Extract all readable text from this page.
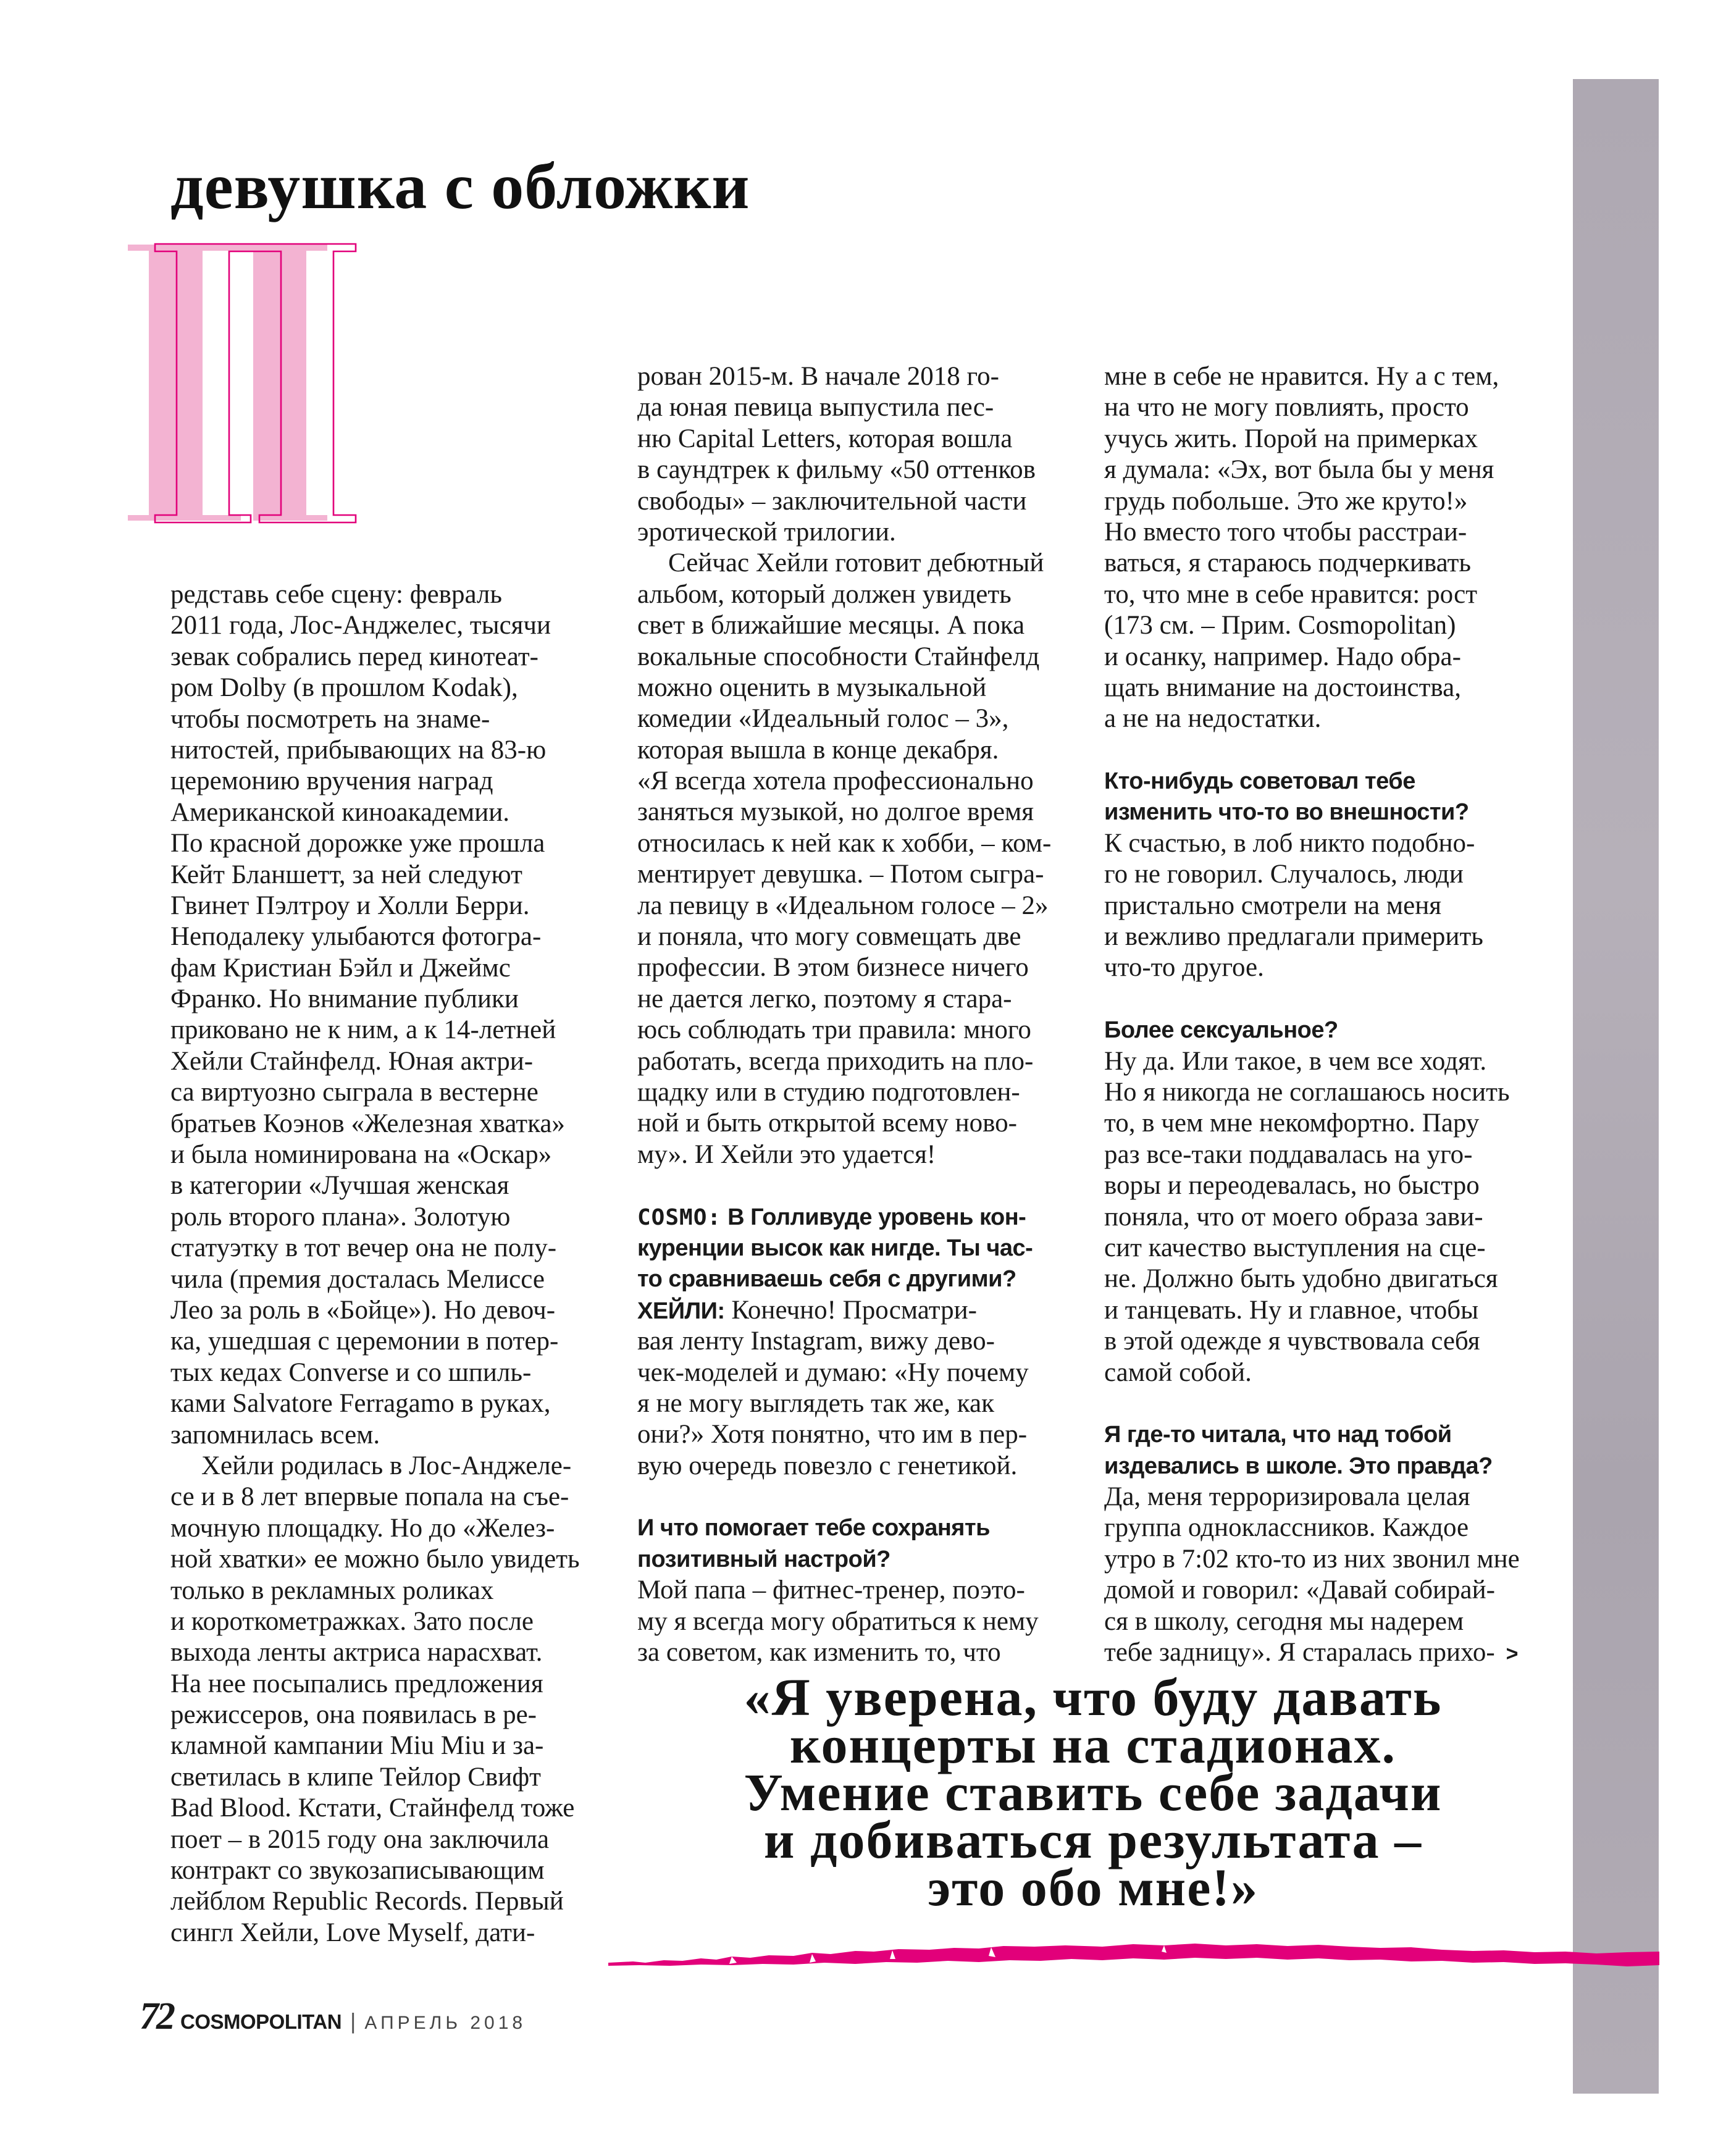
девушка с обложки
редставь себе сцену: февраль
2011 года, Лос-Анджелес, тысячи
зевак собрались перед кинотеат-
ром Dolby (в прошлом Kodak),
чтобы посмотреть на знаме-
нитостей, прибывающих на 83-ю
церемонию вручения наград
Американской киноакадемии.
По красной дорожке уже прошла
Кейт Бланшетт, за ней следуют
Гвинет Пэлтроу и Холли Берри.
Неподалеку улыбаются фотогра-
фам Кристиан Бэйл и Джеймс
Франко. Но внимание публики
приковано не к ним, а к 14-летней
Хейли Стайнфелд. Юная актри-
са виртуозно сыграла в вестерне
братьев Коэнов «Железная хватка»
и была номинирована на «Оскар»
в категории «Лучшая женская
роль второго плана». Золотую
статуэтку в тот вечер она не полу-
чила (премия досталась Мелиссе
Лео за роль в «Бойце»). Но девоч-
ка, ушедшая с церемонии в потер-
тых кедах Converse и со шпиль-
ками Salvatore Ferragamo в руках,
запомнилась всем.
Хейли родилась в Лос-Анджеле-
се и в 8 лет впервые попала на съе-
мочную площадку. Но до «Желез-
ной хватки» ее можно было увидеть
только в рекламных роликах
и короткометражках. Зато после
выхода ленты актриса нарасхват.
На нее посыпались предложения
режиссеров, она появилась в ре-
кламной кампании Miu Miu и за-
светилась в клипе Тейлор Свифт
Bad Blood. Кстати, Стайнфелд тоже
поет – в 2015 году она заключила
контракт со звукозаписывающим
лейблом Republic Records. Первый
сингл Хейли, Love Myself, дати-
рован 2015-м. В начале 2018 го-
да юная певица выпустила пес-
ню Capital Letters, которая вошла
в саундтрек к фильму «50 оттенков
свободы» – заключительной части
эротической трилогии.
Сейчас Хейли готовит дебютный
альбом, который должен увидеть
свет в ближайшие месяцы. А пока
вокальные способности Стайнфелд
можно оценить в музыкальной
комедии «Идеальный голос – 3»,
которая вышла в конце декабря.
«Я всегда хотела профессионально
заняться музыкой, но долгое время
относилась к ней как к хобби, – ком-
ментирует девушка. – Потом сыгра-
ла певицу в «Идеальном голосе – 2»
и поняла, что могу совмещать две
профессии. В этом бизнесе ничего
не дается легко, поэтому я стара-
юсь соблюдать три правила: много
работать, всегда приходить на пло-
щадку или в студию подготовлен-
ной и быть открытой всему ново-
му». И Хейли это удается!
COSMO: В Голливуде уровень кон-
куренции высок как нигде. Ты час-
то сравниваешь себя с другими?
ХЕЙЛИ: Конечно! Просматри-
вая ленту Instagram, вижу дево-
чек-моделей и думаю: «Ну почему
я не могу выглядеть так же, как
они?» Хотя понятно, что им в пер-
вую очередь повезло с генетикой.
И что помогает тебе сохранять
позитивный настрой?
Мой папа – фитнес-тренер, поэто-
му я всегда могу обратиться к нему
за советом, как изменить то, что
мне в себе не нравится. Ну а с тем,
на что не могу повлиять, просто
учусь жить. Порой на примерках
я думала: «Эх, вот была бы у меня
грудь побольше. Это же круто!»
Но вместо того чтобы расстраи-
ваться, я стараюсь подчеркивать
то, что мне в себе нравится: рост
(173 см. – Прим. Cosmopolitan)
и осанку, например. Надо обра-
щать внимание на достоинства,
а не на недостатки.
Кто-нибудь советовал тебе
изменить что-то во внешности?
К счастью, в лоб никто подобно-
го не говорил. Случалось, люди
пристально смотрели на меня
и вежливо предлагали примерить
что-то другое.
Более сексуальное?
Ну да. Или такое, в чем все ходят.
Но я никогда не соглашаюсь носить
то, в чем мне некомфортно. Пару
раз все-таки поддавалась на уго-
воры и переодевалась, но быстро
поняла, что от моего образа зави-
сит качество выступления на сце-
не. Должно быть удобно двигаться
и танцевать. Ну и главное, чтобы
в этой одежде я чувствовала себя
самой собой.
Я где-то читала, что над тобой
издевались в школе. Это правда?
Да, меня терроризировала целая
группа одноклассников. Каждое
утро в 7:02 кто-то из них звонил мне
домой и говорил: «Давай собирай-
ся в школу, сегодня мы надерем
тебе задницу». Я старалась прихо- >
«Я уверена, что буду давать
концерты на стадионах.
Умение ставить себе задачи
и добиваться результата –
это обо мне!»
72 COSMOPOLITAN | АПРЕЛЬ 2018
